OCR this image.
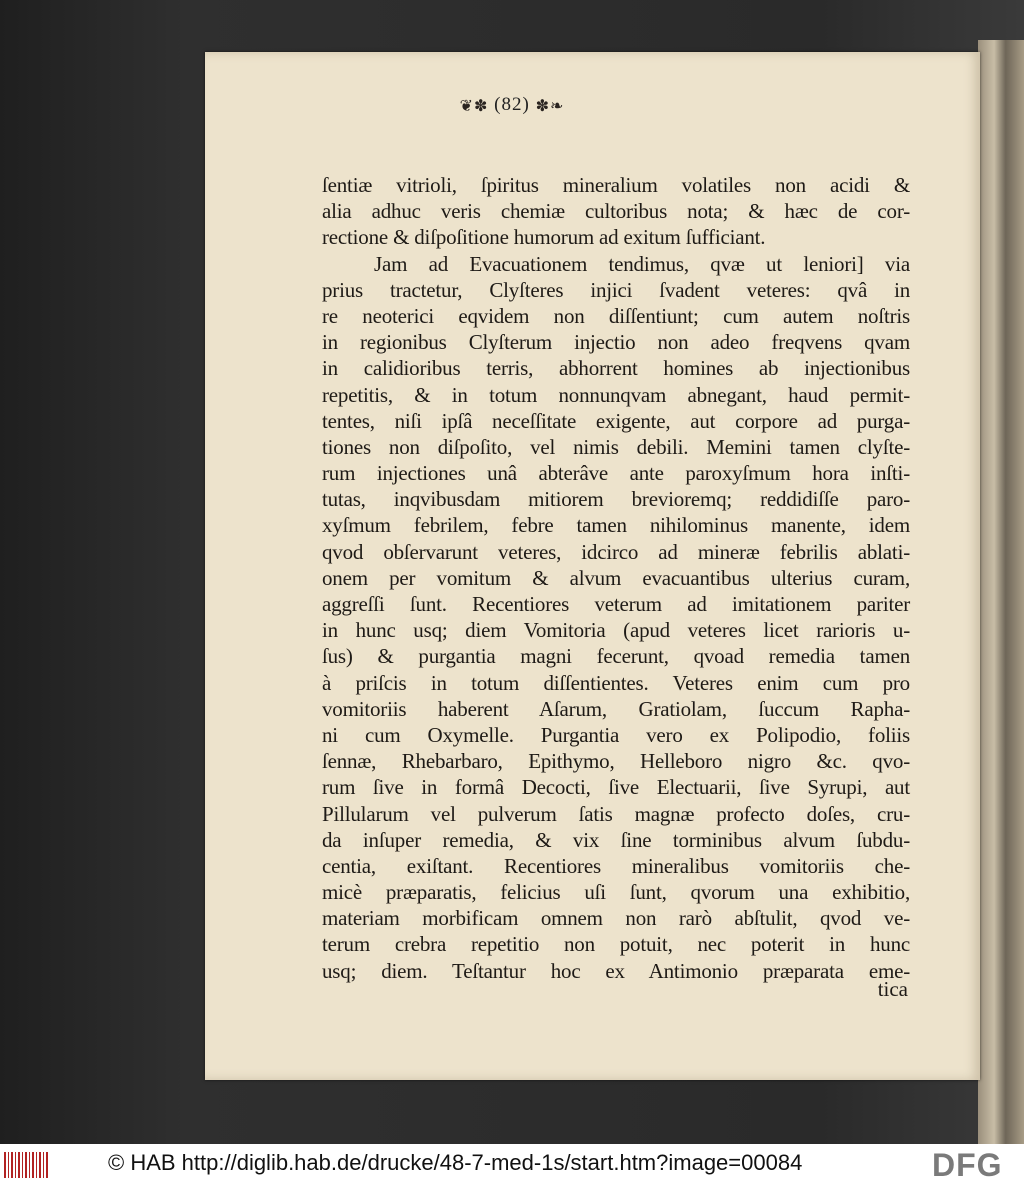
❦✽ (82) ✽❧
ſentiæ vitrioli, ſpiritus mineralium volatiles non acidi &
alia adhuc veris chemiæ cultoribus nota; & hæc de cor-
rectione & diſpoſitione humorum ad exitum ſufficiant.
Jam ad Evacuationem tendimus, qvæ ut leniori] via
prius tractetur, Clyſteres injici ſvadent veteres: qvâ in
re neoterici eqvidem non diſſentiunt; cum autem noſtris
in regionibus Clyſterum injectio non adeo freqvens qvam
in calidioribus terris, abhorrent homines ab injectionibus
repetitis, & in totum nonnunqvam abnegant, haud permit-
tentes, niſi ipſâ neceſſitate exigente, aut corpore ad purga-
tiones non diſpoſito, vel nimis debili. Memini tamen clyſte-
rum injectiones unâ abterâve ante paroxyſmum hora inſti-
tutas, inqvibusdam mitiorem brevioremq; reddidiſſe paro-
xyſmum febrilem, febre tamen nihilominus manente, idem
qvod obſervarunt veteres, idcirco ad mineræ febrilis ablati-
onem per vomitum & alvum evacuantibus ulterius curam,
aggreſſi ſunt. Recentiores veterum ad imitationem pariter
in hunc usq; diem Vomitoria (apud veteres licet rarioris u-
ſus) & purgantia magni fecerunt, qvoad remedia tamen
à priſcis in totum diſſentientes. Veteres enim cum pro
vomitoriis haberent Aſarum, Gratiolam, ſuccum Rapha-
ni cum Oxymelle. Purgantia vero ex Polipodio, foliis
ſennæ, Rhebarbaro, Epithymo, Helleboro nigro &c. qvo-
rum ſive in formâ Decocti, ſive Electuarii, ſive Syrupi, aut
Pillularum vel pulverum ſatis magnæ profecto doſes, cru-
da inſuper remedia, & vix ſine torminibus alvum ſubdu-
centia, exiſtant. Recentiores mineralibus vomitoriis che-
micè præparatis, felicius uſi ſunt, qvorum una exhibitio,
materiam morbificam omnem non rarò abſtulit, qvod ve-
terum crebra repetitio non potuit, nec poterit in hunc
usq; diem. Teſtantur hoc ex Antimonio præparata eme-
tica
© HAB http://diglib.hab.de/drucke/48-7-med-1s/start.htm?image=00084	DFG
